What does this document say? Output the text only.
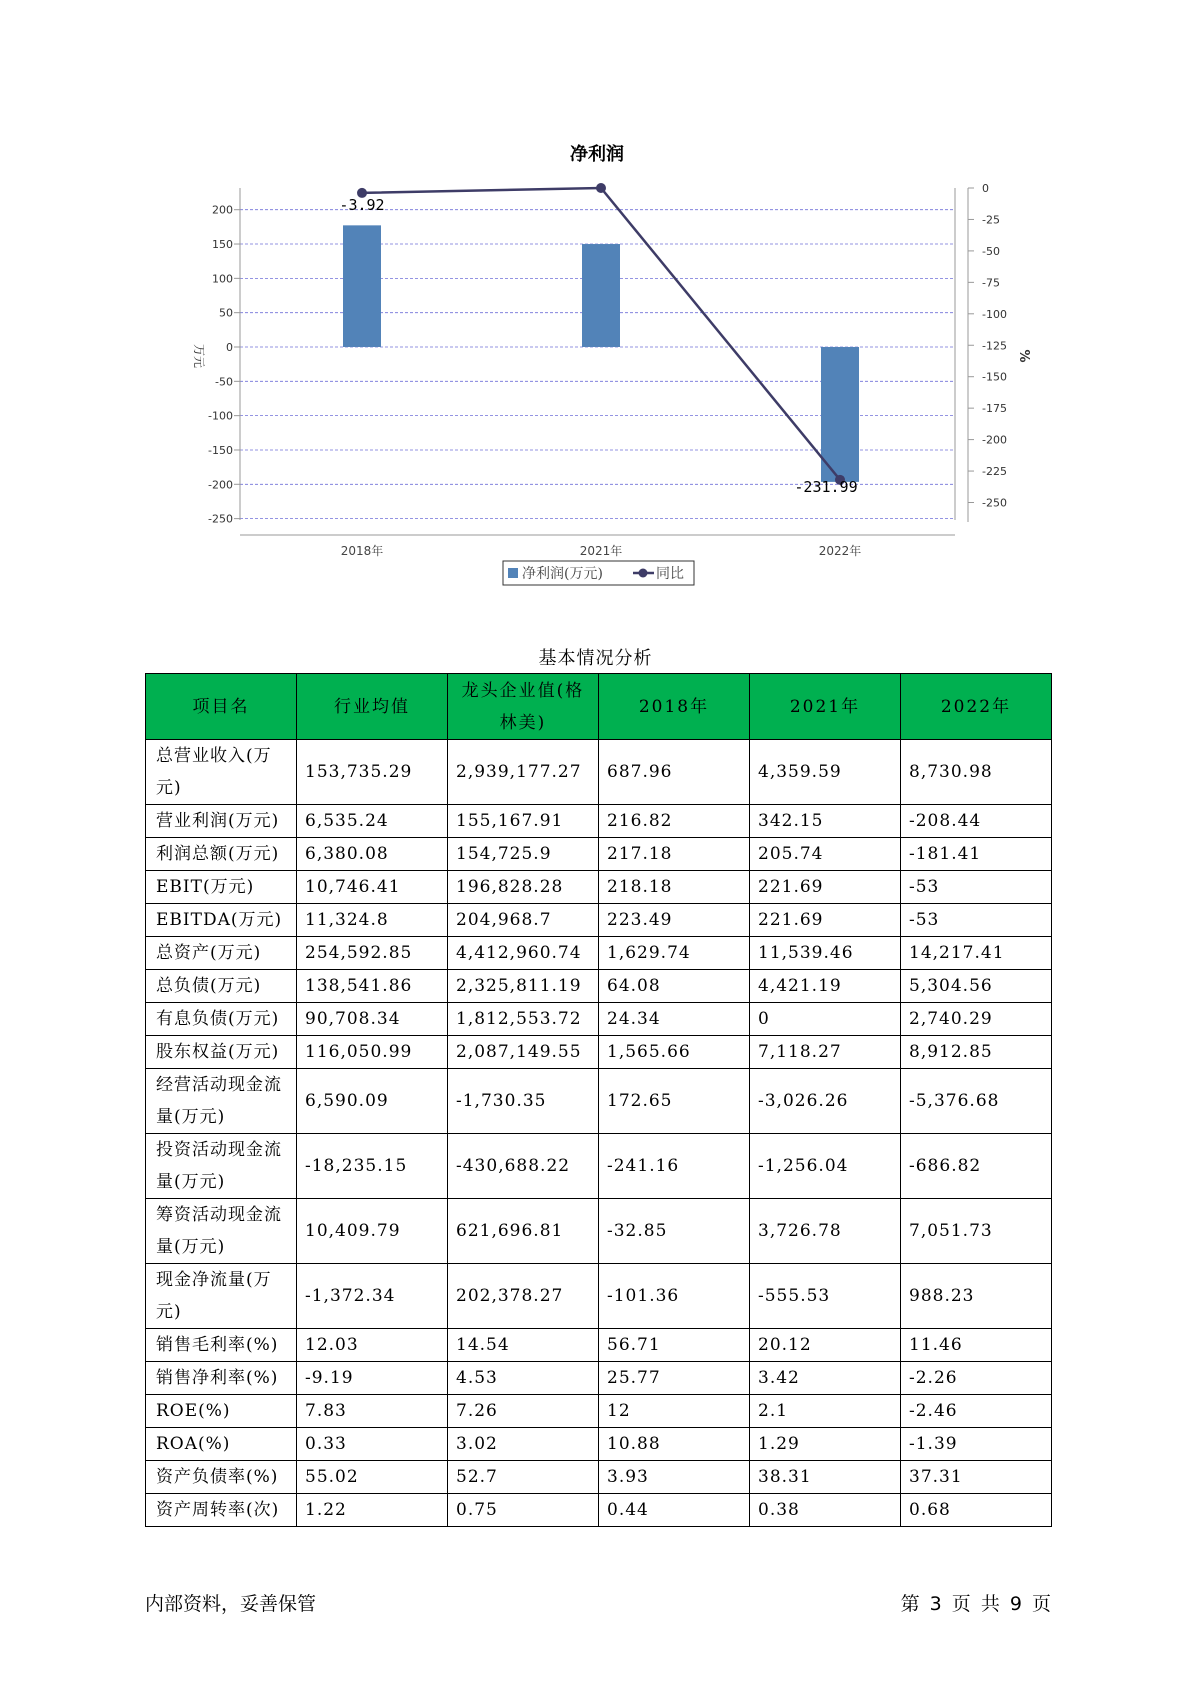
净利润
200
150
100
50
0
-50
-100
-150
-200
-250
0
-25
-50
-75
-100
-125
-150
-175
-200
-225
-250
2018年	2021年	2022年
万元	%
-3.92
-231.99
净利润(万元)	同比
基本情况分析
项目名	行业均值	龙头企业值(格林美)	2018年	2021年	2022年
总营业收入(万元)	153,735.29	2,939,177.27	687.96	4,359.59	8,730.98
营业利润(万元)	6,535.24	155,167.91	216.82	342.15	-208.44
利润总额(万元)	6,380.08	154,725.9	217.18	205.74	-181.41
EBIT(万元)	10,746.41	196,828.28	218.18	221.69	-53
EBITDA(万元)	11,324.8	204,968.7	223.49	221.69	-53
总资产(万元)	254,592.85	4,412,960.74	1,629.74	11,539.46	14,217.41
总负债(万元)	138,541.86	2,325,811.19	64.08	4,421.19	5,304.56
有息负债(万元)	90,708.34	1,812,553.72	24.34	0	2,740.29
股东权益(万元)	116,050.99	2,087,149.55	1,565.66	7,118.27	8,912.85
经营活动现金流量(万元)	6,590.09	-1,730.35	172.65	-3,026.26	-5,376.68
投资活动现金流量(万元)	-18,235.15	-430,688.22	-241.16	-1,256.04	-686.82
筹资活动现金流量(万元)	10,409.79	621,696.81	-32.85	3,726.78	7,051.73
现金净流量(万元)	-1,372.34	202,378.27	-101.36	-555.53	988.23
销售毛利率(%)	12.03	14.54	56.71	20.12	11.46
销售净利率(%)	-9.19	4.53	25.77	3.42	-2.26
ROE(%)	7.83	7.26	12	2.1	-2.46
ROA(%)	0.33	3.02	10.88	1.29	-1.39
资产负债率(%)	55.02	52.7	3.93	38.31	37.31
资产周转率(次)	1.22	0.75	0.44	0.38	0.68
内部资料，妥善保管	第 3 页 共 9 页
